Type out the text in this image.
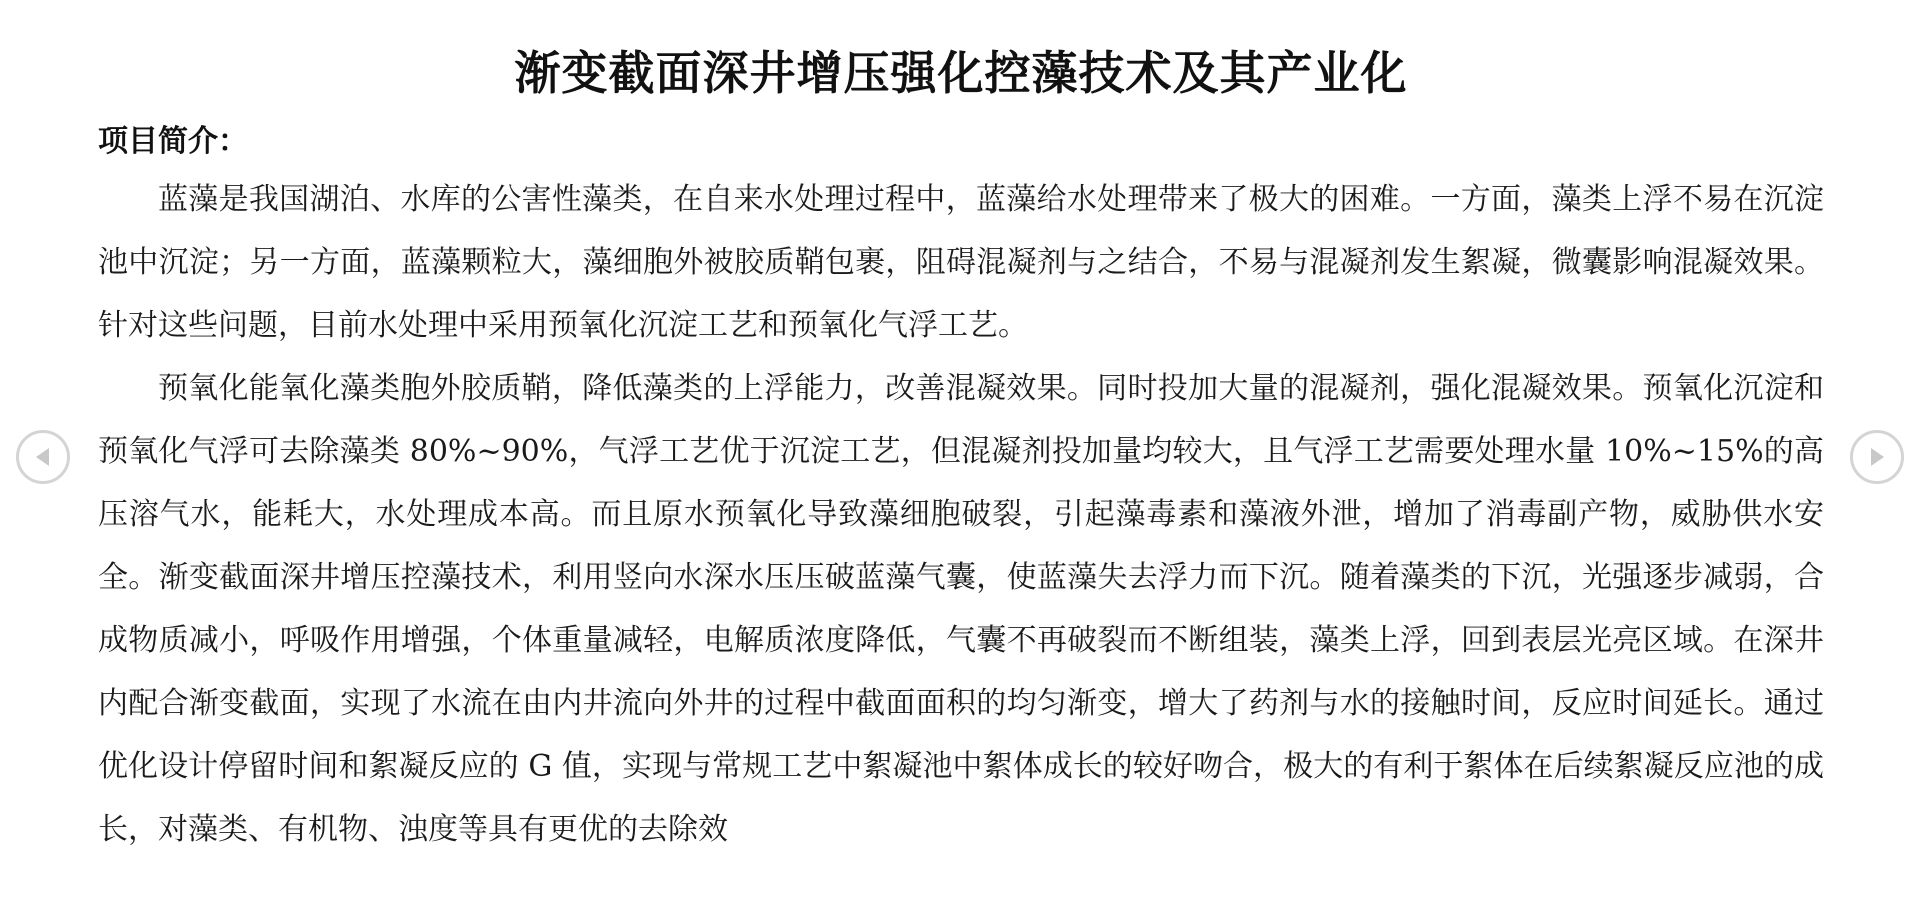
渐变截面深井增压强化控藻技术及其产业化
项目简介：

蓝藻是我国湖泊、水库的公害性藻类，在自来水处理过程中，蓝藻给水处理带来了极大的困难。一方面，藻类上浮不易在沉淀池中沉淀；另一方面，蓝藻颗粒大，藻细胞外被胶质鞘包裹，阻碍混凝剂与之结合，不易与混凝剂发生絮凝，微囊影响混凝效果。针对这些问题，目前水处理中采用预氧化沉淀工艺和预氧化气浮工艺。

预氧化能氧化藻类胞外胶质鞘，降低藻类的上浮能力，改善混凝效果。同时投加大量的混凝剂，强化混凝效果。预氧化沉淀和预氧化气浮可去除藻类 80%~90%，气浮工艺优于沉淀工艺，但混凝剂投加量均较大，且气浮工艺需要处理水量 10%~15%的高压溶气水，能耗大，水处理成本高。而且原水预氧化导致藻细胞破裂，引起藻毒素和藻液外泄，增加了消毒副产物，威胁供水安全。渐变截面深井增压控藻技术，利用竖向水深水压压破蓝藻气囊，使蓝藻失去浮力而下沉。随着藻类的下沉，光强逐步减弱，合成物质减小，呼吸作用增强，个体重量减轻，电解质浓度降低，气囊不再破裂而不断组装，藻类上浮，回到表层光亮区域。在深井内配合渐变截面，实现了水流在由内井流向外井的过程中截面面积的均匀渐变，增大了药剂与水的接触时间，反应时间延长。通过优化设计停留时间和絮凝反应的 G 值，实现与常规工艺中絮凝池中絮体成长的较好吻合，极大的有利于絮体在后续絮凝反应池的成长，对藻类、有机物、浊度等具有更优的去除效
